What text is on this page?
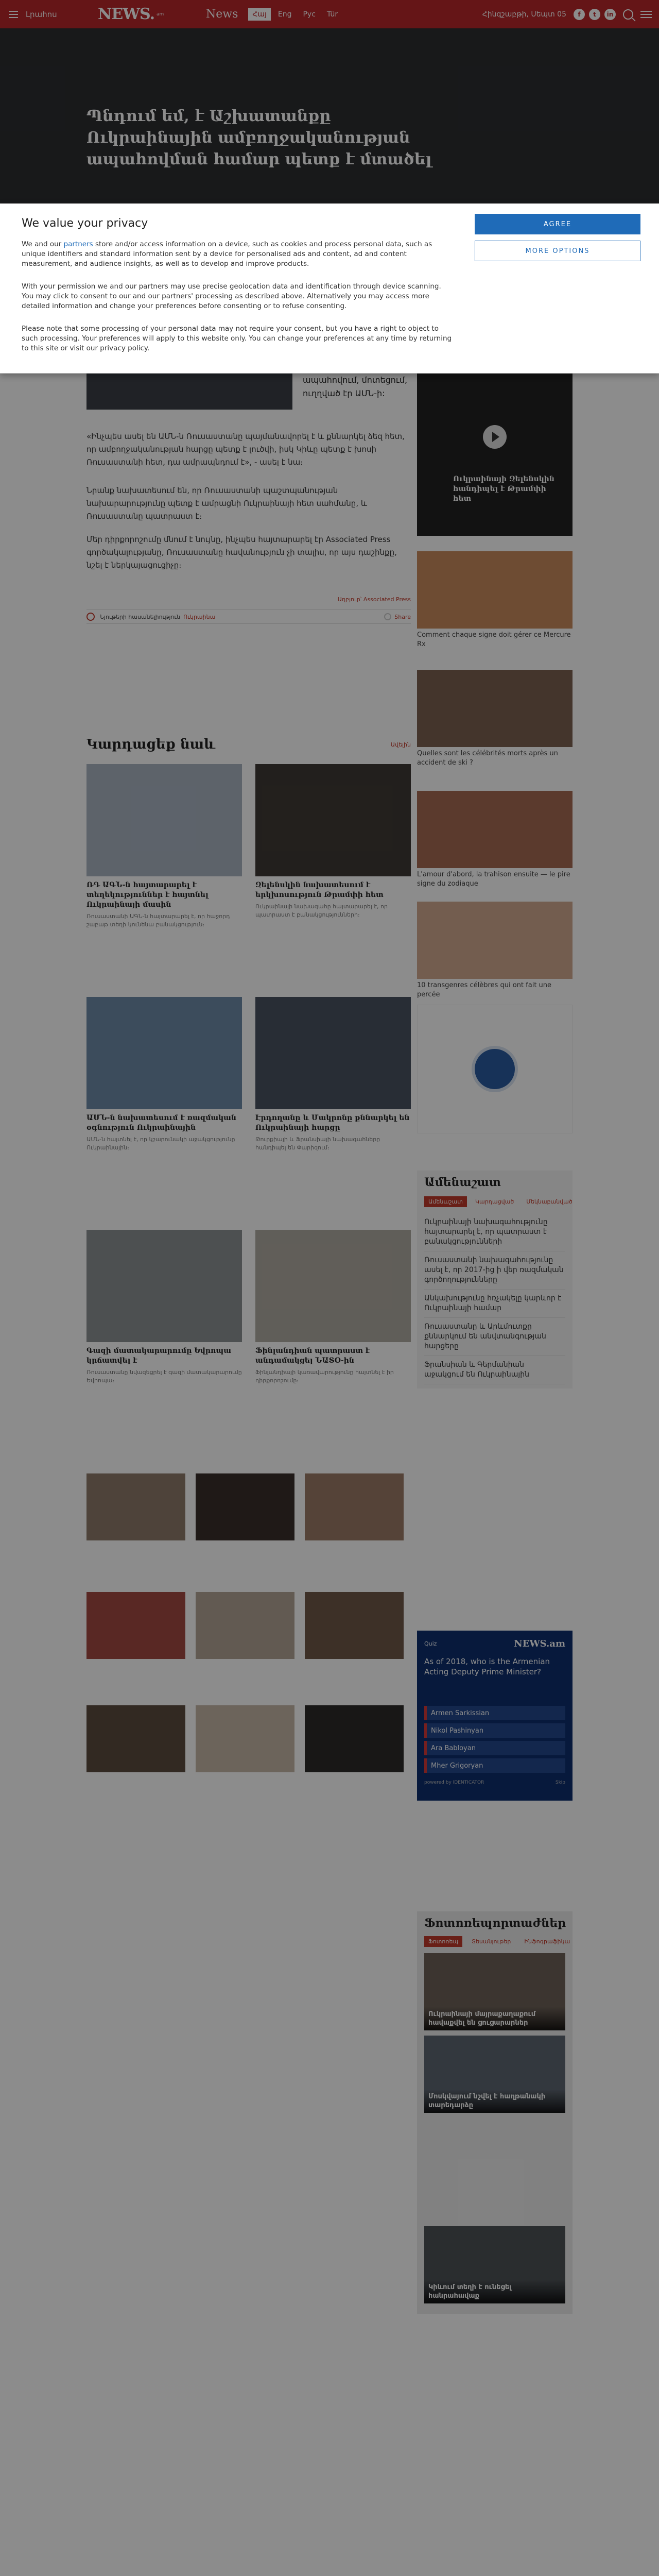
Լրահոս	NEWS. am	News	Հայ	Eng	Рус	Tür	Հինգշաբթի, Սեպտ 05	f	t	in
Պնդում եմ, է Աշխատանքը Ուկրաինային ամբողջականության ապահովման համար պետք է մտածել
ապահովում, մոտեցում, ուղղված էր ԱՄՆ-ի:

«Ինչպես ասել են ԱՄՆ-ն Ռուսաստանը պայմանավորել է և քննարկել ձեզ հետ, որ ամբողջականության հարցը պետք է լուծվի, իսկ Կիևը պետք է խոսի Ռուսաստանի հետ, դա ամրապնդում է», - ասել է նա։

Նրանք նախատեսում են, որ Ռուսաստանի պաշտպանության նախարարությունը պետք է ամրացնի Ուկրաինայի հետ սահմանը, և Ռուսաստանը պատրաստ է։

Մեր դիրքորոշումը մնում է նույնը, ինչպես հայտարարել էր Associated Press գործակալությանը, Ռուսաստանը հավանություն չի տալիս, որ այս դաշինքը, նշել է ներկայացուցիչը։

Աղբյուր՝ Associated Press
Նյութերի հասանելիություն Ուկրաինա	Share
Կարդացեք նաև	Ավելին
ՌԴ ԱԳՆ-ն հայտարարել է տեղեկություններ է հայտնել Ուկրաինայի մասին
Ռուսաստանի ԱԳՆ-ն հայտարարել է, որ հաջորդ շաբաթ տեղի կունենա բանակցություն։
Զելենսկին նախատեսում է երկխոսություն Թրամփի հետ
Ուկրաինայի նախագահը հայտարարել է, որ պատրաստ է բանակցությունների։
ԱՄՆ-ն նախատեսում է ռազմական օգնություն Ուկրաինային
ԱՄՆ-ն հայտնել է, որ կշարունակի աջակցությունը Ուկրաինային։
Էրդողանը և Մակրոնը քննարկել են Ուկրաինայի հարցը
Թուրքիայի և Ֆրանսիայի նախագահները հանդիպել են Փարիզում։
Գազի մատակարարումը Եվրոպա կրճատվել է
Ռուսաստանը նվազեցրել է գազի մատակարարումը Եվրոպա։
Ֆինլանդիան պատրաստ է անդամակցել ՆԱՏՕ-ին
Ֆինլանդիայի կառավարությունը հայտնել է իր դիրքորոշումը։
Ուկրաինայի Զելենսկին հանդիպել է Թրամփի հետ
Comment chaque signe doit gérer ce Mercure Rx
Quelles sont les célébrités morts après un accident de ski ?
L'amour d'abord, la trahison ensuite — le pire signe du zodiaque
10 transgenres célèbres qui ont fait une percée
Ամենաշատ
Ամենաշատ	Կարդացված	Մեկնաբանված
Ուկրաինայի նախագահությունը հայտարարել է, որ պատրաստ է բանակցությունների
Ռուսաստանի նախագահությունը ասել է, որ 2017-ից ի վեր ռազմական գործողությունները
Անկախությունը հռչակելը կարևոր է Ուկրաինայի համար
Ռուսաստանը և Արևմուտքը քննարկում են անվտանգության հարցերը
Ֆրանսիան և Գերմանիան աջակցում են Ուկրաինային
Quiz	NEWS.am
As of 2018, who is the Armenian Acting Deputy Prime Minister?
Armen Sarkissian
Nikol Pashinyan
Ara Babloyan
Mher Grigoryan
powered by IDENTICATOR	Skip
Ֆոտոռեպորտաժներ
Ֆոտոռեպ	Տեսանյութեր	Ինֆոգրաֆիկա
Ուկրաինայի մայրաքաղաքում հավաքվել են ցուցարարներ
Մոսկվայում նշվել է հաղթանակի տարեդարձը
Կիևում տեղի է ունեցել հանրահավաք
We value your privacy

We and our partners store and/or access information on a device, such as cookies and process personal data, such as unique identifiers and standard information sent by a device for personalised ads and content, ad and content measurement, and audience insights, as well as to develop and improve products.

With your permission we and our partners may use precise geolocation data and identification through device scanning. You may click to consent to our and our partners' processing as described above. Alternatively you may access more detailed information and change your preferences before consenting or to refuse consenting.

Please note that some processing of your personal data may not require your consent, but you have a right to object to such processing. Your preferences will apply to this website only. You can change your preferences at any time by returning to this site or visit our privacy policy.

AGREE
MORE OPTIONS
